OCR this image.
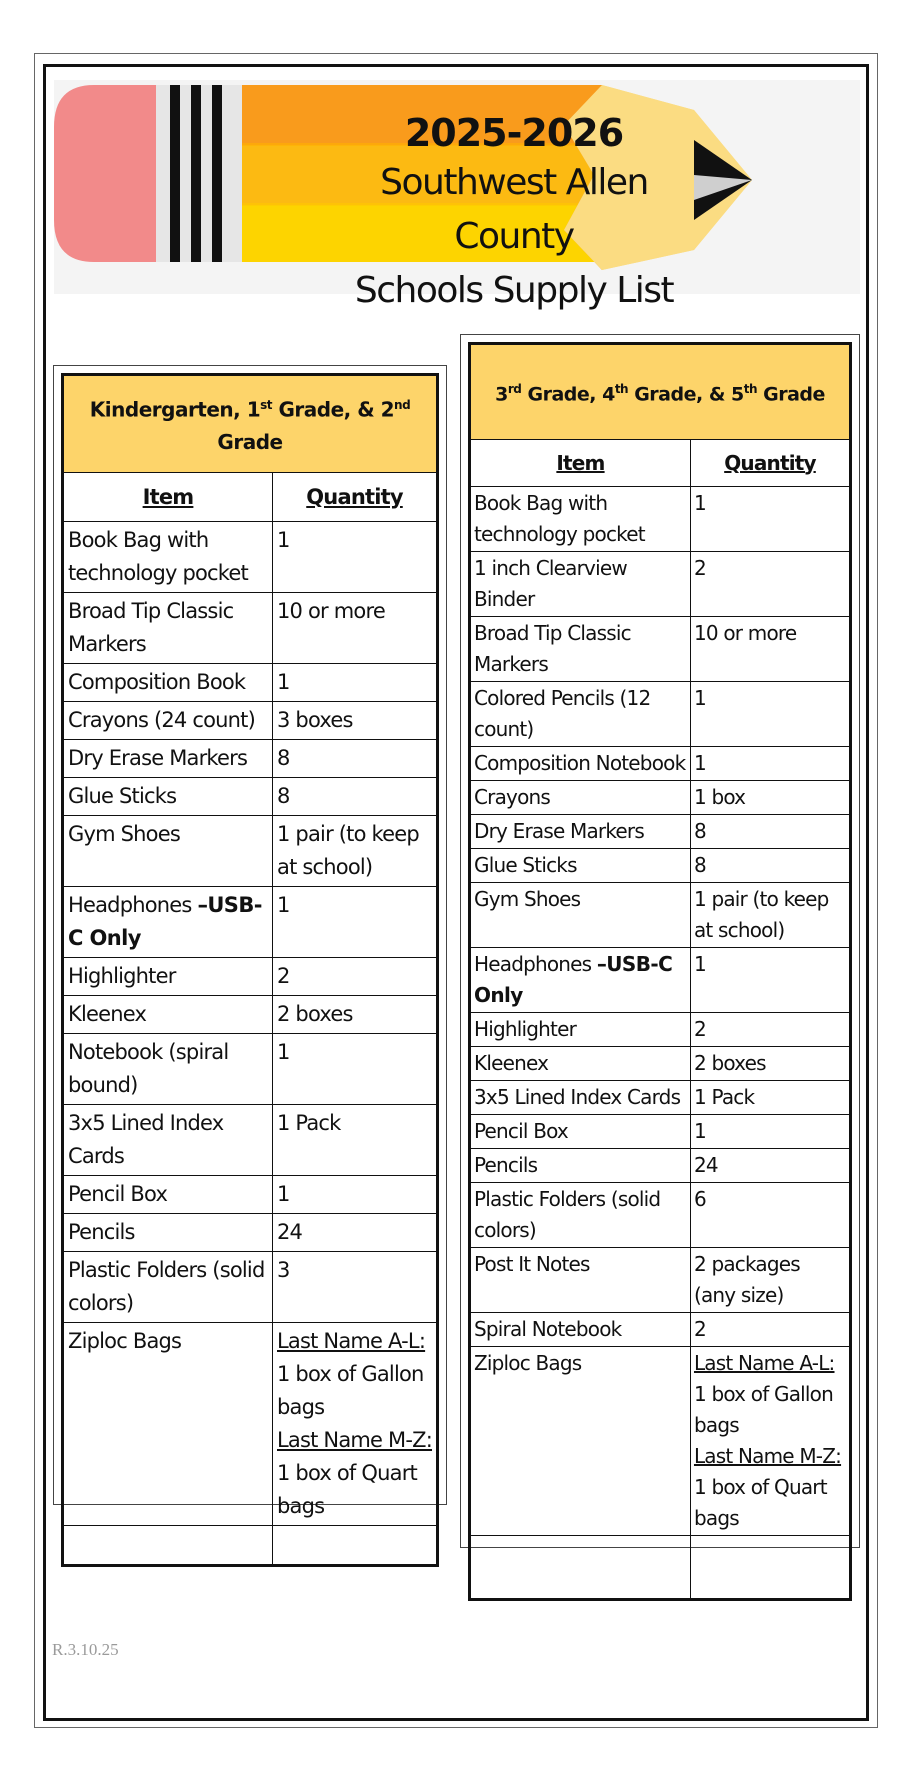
2025-2026
Southwest Allen County
Schools Supply List
Kindergarten, 1st Grade, & 2nd Grade	
Item	Quantity
Book Bag with technology pocket	1
Broad Tip Classic Markers	10 or more
Composition Book	1
Crayons (24 count)	3 boxes
Dry Erase Markers	8
Glue Sticks	8
Gym Shoes	1 pair (to keep at school)
Headphones –USB-C Only	1
Highlighter	2
Kleenex	2 boxes
Notebook (spiral bound)	1
3x5 Lined Index Cards	1 Pack
Pencil Box	1
Pencils	24
Plastic Folders (solid colors)	3
Ziploc Bags	Last Name A-L:
1 box of Gallon bags
Last Name M-Z:
1 box of Quart bags

3rd Grade, 4th Grade, & 5th Grade	
Item	Quantity
Book Bag with technology pocket	1
1 inch Clearview Binder	2
Broad Tip Classic Markers	10 or more
Colored Pencils (12 count)	1
Composition Notebook	1
Crayons	1 box
Dry Erase Markers	8
Glue Sticks	8
Gym Shoes	1 pair (to keep at school)
Headphones –USB-C Only	1
Highlighter	2
Kleenex	2 boxes
3x5 Lined Index Cards	1 Pack
Pencil Box	1
Pencils	24
Plastic Folders (solid colors)	6
Post It Notes	2 packages (any size)
Spiral Notebook	2
Ziploc Bags	Last Name A-L:
1 box of Gallon bags
Last Name M-Z:
1 box of Quart bags

R.3.10.25
